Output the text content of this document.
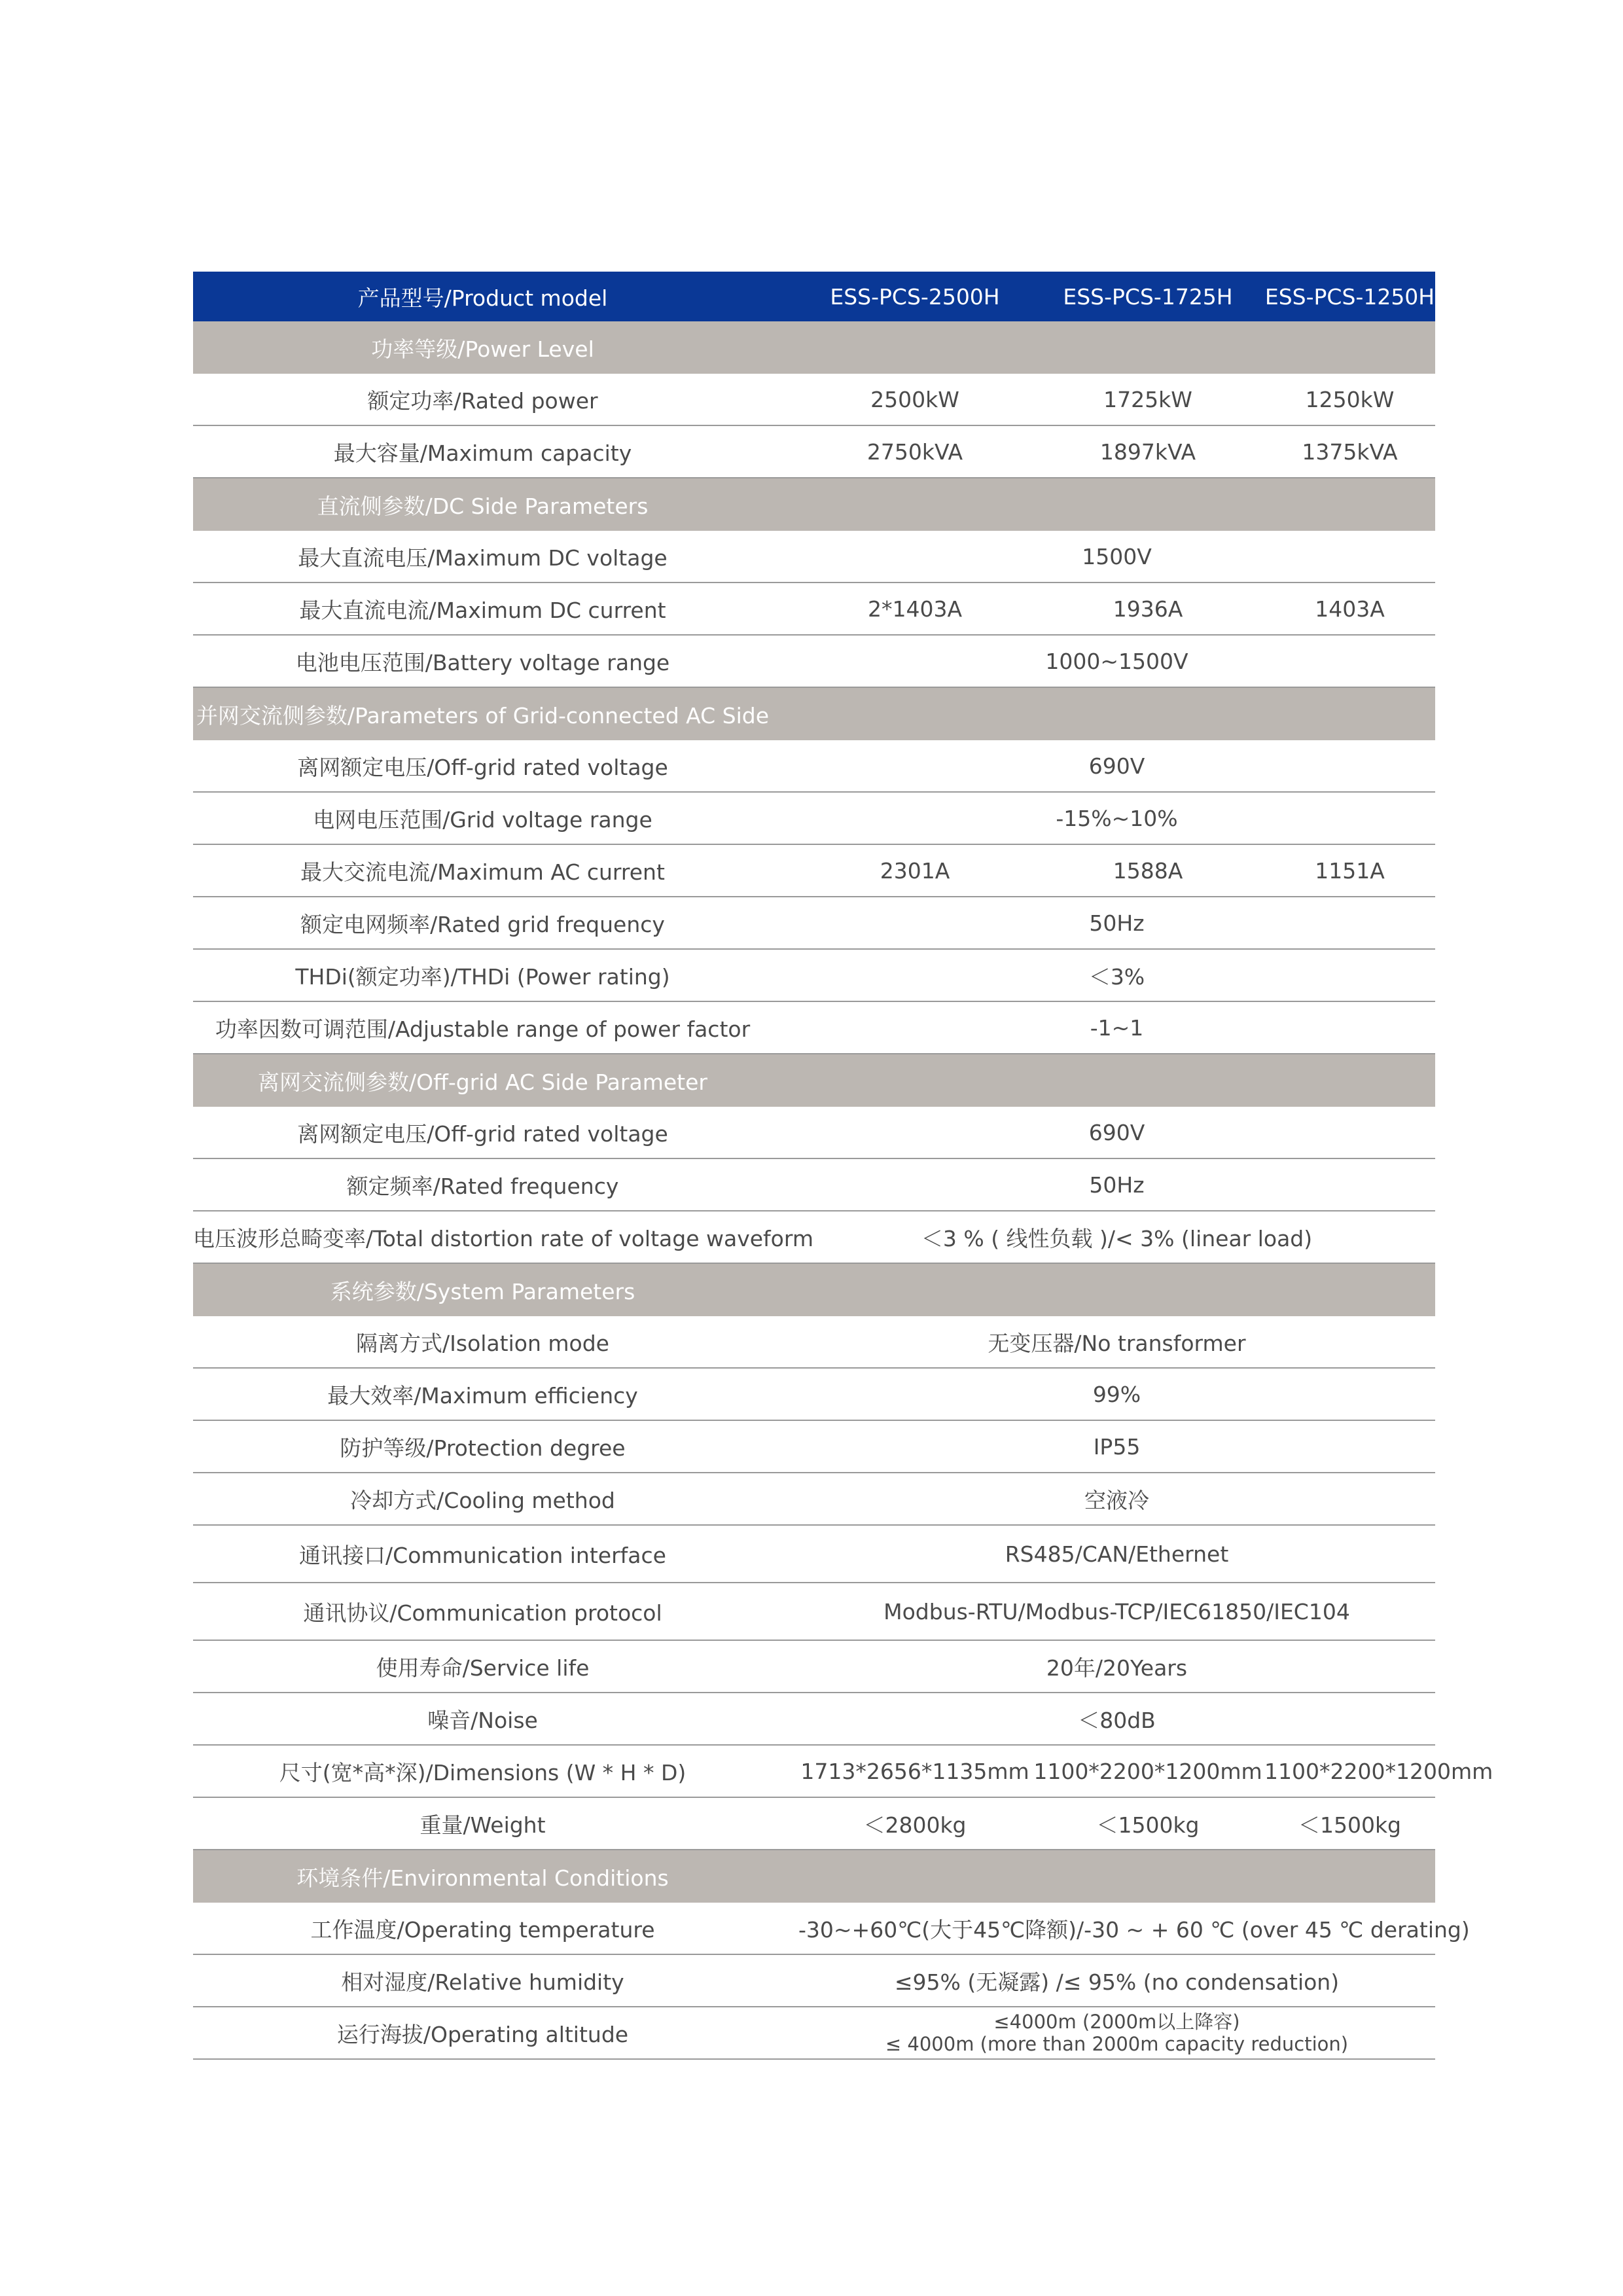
产品型号/Product model	ESS-PCS-2500H	ESS-PCS-1725H	ESS-PCS-1250H
功率等级/Power Level
额定功率/Rated power	2500kW	1725kW	1250kW
最大容量/Maximum capacity	2750kVA	1897kVA	1375kVA
直流侧参数/DC Side Parameters
最大直流电压/Maximum DC voltage	1500V
最大直流电流/Maximum DC current	2*1403A	1936A	1403A
电池电压范围/Battery voltage range	1000~1500V
并网交流侧参数/Parameters of Grid-connected AC Side
离网额定电压/Off-grid rated voltage	690V
电网电压范围/Grid voltage range	-15%~10%
最大交流电流/Maximum AC current	2301A	1588A	1151A
额定电网频率/Rated grid frequency	50Hz
THDi(额定功率)/THDi (Power rating)	＜3%
功率因数可调范围/Adjustable range of power factor	-1~1
离网交流侧参数/Off-grid AC Side Parameter
离网额定电压/Off-grid rated voltage	690V
额定频率/Rated frequency	50Hz
电压波形总畸变率/Total distortion rate of voltage waveform	＜3 % ( 线性负载 )/< 3% (linear load)
系统参数/System Parameters
隔离方式/Isolation mode	无变压器/No transformer
最大效率/Maximum efficiency	99%
防护等级/Protection degree	IP55
冷却方式/Cooling method	空液冷
通讯接口/Communication interface	RS485/CAN/Ethernet
通讯协议/Communication protocol	Modbus-RTU/Modbus-TCP/IEC61850/IEC104
使用寿命/Service life	20年/20Years
噪音/Noise	＜80dB
尺寸(宽*高*深)/Dimensions (W * H * D)	1713*2656*1135mm 1100*2200*1200mm 1100*2200*1200mm
重量/Weight	＜2800kg	＜1500kg	＜1500kg
环境条件/Environmental Conditions
工作温度/Operating temperature	-30~+60℃(大于45℃降额)/-30 ~ + 60 ℃ (over 45 ℃ derating)
相对湿度/Relative humidity	≤95% (无凝露) /≤ 95% (no condensation)
运行海拔/Operating altitude	≤4000m (2000m以上降容)
≤ 4000m (more than 2000m capacity reduction)
